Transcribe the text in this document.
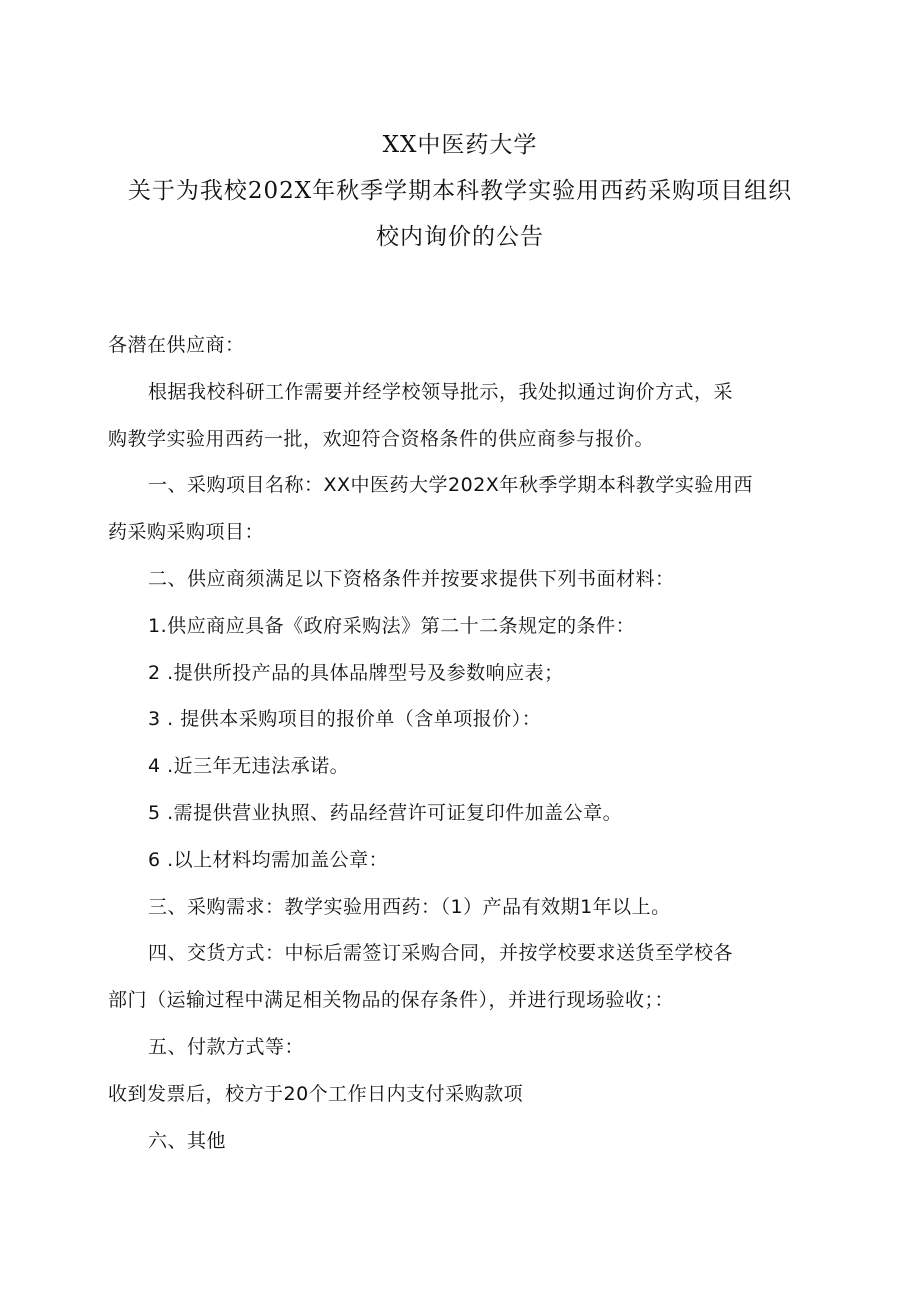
XX中医药大学
关于为我校202X年秋季学期本科教学实验用西药采购项目组织
校内询价的公告
各潜在供应商：
根据我校科研工作需要并经学校领导批示，我处拟通过询价方式，采
购教学实验用西药一批，欢迎符合资格条件的供应商参与报价。
一、采购项目名称：XX中医药大学202X年秋季学期本科教学实验用西
药采购采购项目：
二、供应商须满足以下资格条件并按要求提供下列书面材料：
1.供应商应具备《政府采购法》第二十二条规定的条件：
2 .提供所投产品的具体品牌型号及参数响应表；
3 . 提供本采购项目的报价单（含单项报价）：
4 .近三年无违法承诺。
5 .需提供营业执照、药品经营许可证复印件加盖公章。
6 .以上材料均需加盖公章：
三、采购需求：教学实验用西药：（1）产品有效期1年以上。
四、交货方式：中标后需签订采购合同，并按学校要求送货至学校各
部门（运输过程中满足相关物品的保存条件），并进行现场验收；：
五、付款方式等：
收到发票后，校方于20个工作日内支付采购款项
六、其他
